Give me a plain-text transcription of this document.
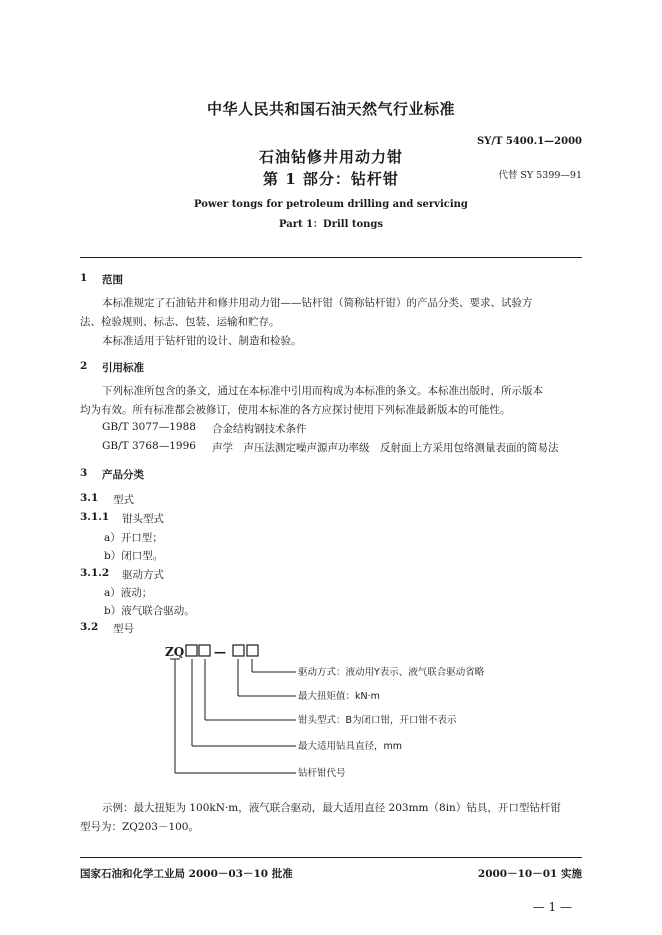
中华人民共和国石油天然气行业标准
SY/T 5400.1—2000
石油钻修井用动力钳
第 1 部分：钻杆钳	代替 SY 5399—91
Power tongs for petroleum drilling and servicing
Part 1：Drill tongs
1 范围
本标准规定了石油钻井和修井用动力钳——钻杆钳（简称钻杆钳）的产品分类、要求、试验方
法、检验规则、标志、包装、运输和贮存。
本标准适用于钻杆钳的设计、制造和检验。
2 引用标准
下列标准所包含的条文，通过在本标准中引用而构成为本标准的条文。本标准出版时，所示版本
均为有效。所有标准都会被修订，使用本标准的各方应探讨使用下列标准最新版本的可能性。
GB/T 3077—1988 合金结构钢技术条件
GB/T 3768—1996 声学　声压法测定噪声源声功率级　反射面上方采用包络测量表面的简易法
3 产品分类
3.1 型式
3.1.1 钳头型式
a）开口型；
b）闭口型。
3.1.2 驱动方式
a）液动；
b）液气联合驱动。
3.2 型号
ZQ —
驱动方式：液动用Y表示、液气联合驱动省略
最大扭矩值：kN·m
钳头型式：B为闭口钳，开口钳不表示
最大适用钻具直径，mm
钻杆钳代号
示例：最大扭矩为 100kN·m，液气联合驱动，最大适用直径 203mm（8in）钻具，开口型钻杆钳
型号为：ZQ203－100。
国家石油和化学工业局 2000－03－10 批准	2000－10－01 实施
— 1 —
